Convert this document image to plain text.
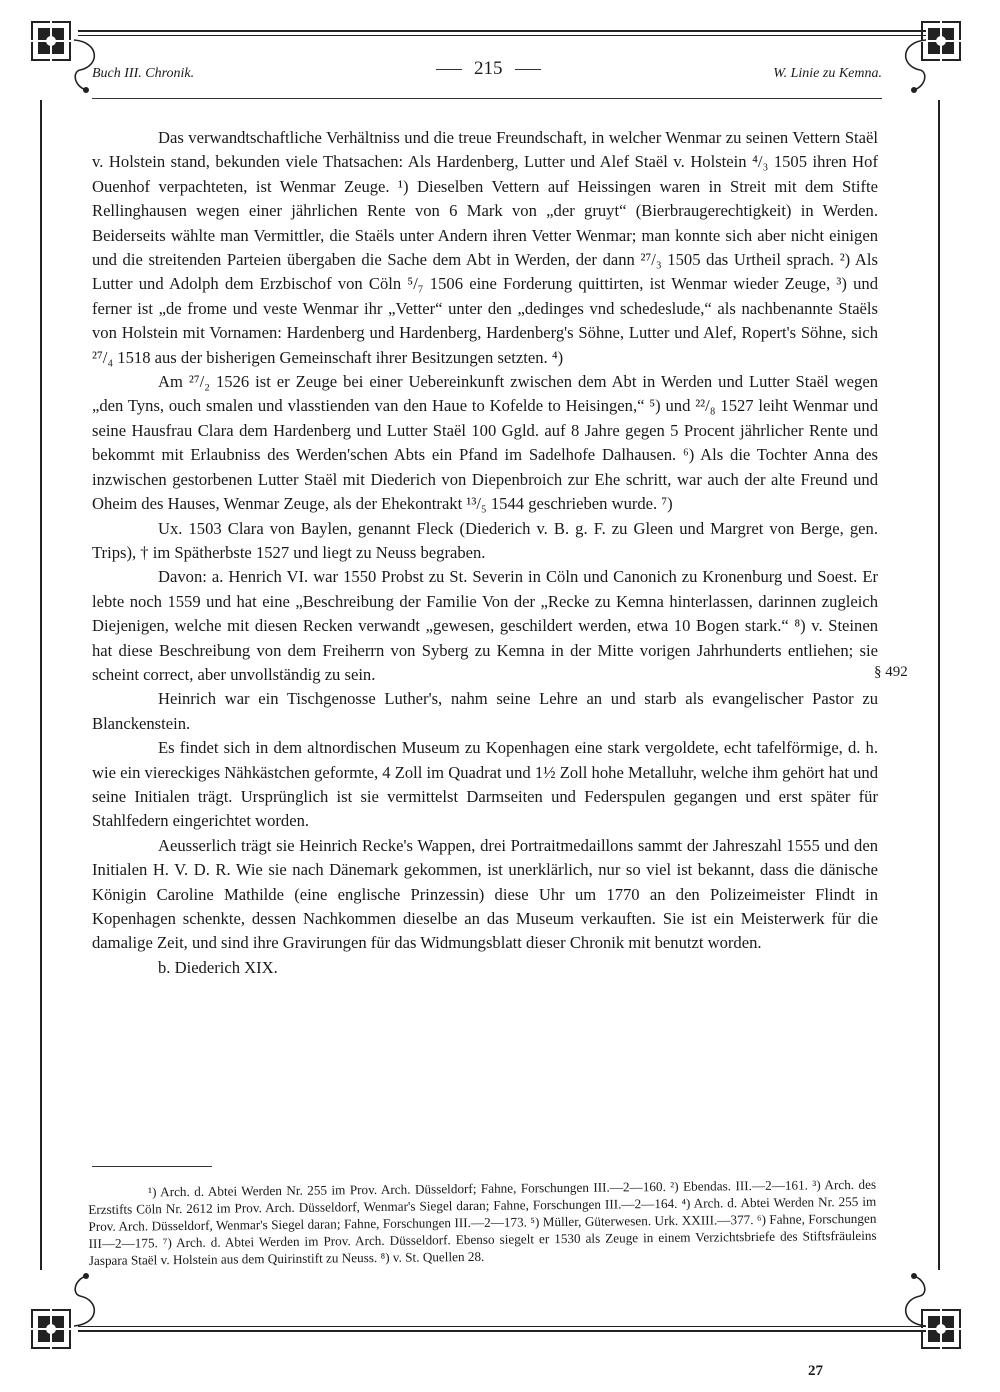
Buch III. Chronik.	215	W. Linie zu Kemna.

Das verwandtschaftliche Verhältniss und die treue Freundschaft, in welcher Wenmar zu seinen Vettern Staël v. Holstein stand, bekunden viele Thatsachen: Als Hardenberg, Lutter und Alef Staël v. Holstein ⁴/₃ 1505 ihren Hof Ouenhof verpachteten, ist Wenmar Zeuge. ¹) Dieselben Vettern auf Heissingen waren in Streit mit dem Stifte Rellinghausen wegen einer jährlichen Rente von 6 Mark von „der gruyt“ (Bierbraugerechtigkeit) in Werden. Beiderseits wählte man Vermittler, die Staëls unter Andern ihren Vetter Wenmar; man konnte sich aber nicht einigen und die streitenden Parteien übergaben die Sache dem Abt in Werden, der dann ²⁷/₃ 1505 das Urtheil sprach. ²) Als Lutter und Adolph dem Erzbischof von Cöln ⁵/₇ 1506 eine Forderung quittirten, ist Wenmar wieder Zeuge, ³) und ferner ist „de frome und veste Wenmar ihr „Vetter“ unter den „dedinges vnd schedeslude,“ als nachbenannte Staëls von Holstein mit Vornamen: Hardenberg und Hardenberg, Hardenberg's Söhne, Lutter und Alef, Ropert's Söhne, sich ²⁷/₄ 1518 aus der bisherigen Gemeinschaft ihrer Besitzungen setzten. ⁴)

Am ²⁷/₂ 1526 ist er Zeuge bei einer Uebereinkunft zwischen dem Abt in Werden und Lutter Staël wegen „den Tyns, ouch smalen und vlasstienden van den Haue to Kofelde to Heisingen,“ ⁵) und ²²/₈ 1527 leiht Wenmar und seine Hausfrau Clara dem Hardenberg und Lutter Staël 100 Ggld. auf 8 Jahre gegen 5 Procent jährlicher Rente und bekommt mit Erlaubniss des Werden'schen Abts ein Pfand im Sadelhofe Dalhausen. ⁶) Als die Tochter Anna des inzwischen gestorbenen Lutter Staël mit Diederich von Diepenbroich zur Ehe schritt, war auch der alte Freund und Oheim des Hauses, Wenmar Zeuge, als der Ehekontrakt ¹³/₅ 1544 geschrieben wurde. ⁷)

Ux. 1503 Clara von Baylen, genannt Fleck (Diederich v. B. g. F. zu Gleen und Margret von Berge, gen. Trips), † im Spätherbste 1527 und liegt zu Neuss begraben.

Davon: a. Henrich VI. war 1550 Probst zu St. Severin in Cöln und Canonich zu Kronenburg und Soest. Er lebte noch 1559 und hat eine „Beschreibung der Familie Von der „Recke zu Kemna hinterlassen, darinnen zugleich Diejenigen, welche mit diesen Recken verwandt „gewesen, geschildert werden, etwa 10 Bogen stark.“ ⁸) v. Steinen hat diese Beschreibung von dem Freiherrn von Syberg zu Kemna in der Mitte vorigen Jahrhunderts entliehen; sie scheint correct, aber unvollständig zu sein.

Heinrich war ein Tischgenosse Luther's, nahm seine Lehre an und starb als evangelischer Pastor zu Blanckenstein.

Es findet sich in dem altnordischen Museum zu Kopenhagen eine stark vergoldete, echt tafelförmige, d. h. wie ein viereckiges Nähkästchen geformte, 4 Zoll im Quadrat und 1½ Zoll hohe Metalluhr, welche ihm gehört hat und seine Initialen trägt. Ursprünglich ist sie vermittelst Darmseiten und Federspulen gegangen und erst später für Stahlfedern eingerichtet worden.

Aeusserlich trägt sie Heinrich Recke's Wappen, drei Portraitmedaillons sammt der Jahreszahl 1555 und den Initialen H. V. D. R. Wie sie nach Dänemark gekommen, ist unerklärlich, nur so viel ist bekannt, dass die dänische Königin Caroline Mathilde (eine englische Prinzessin) diese Uhr um 1770 an den Polizeimeister Flindt in Kopenhagen schenkte, dessen Nachkommen dieselbe an das Museum verkauften. Sie ist ein Meisterwerk für die damalige Zeit, und sind ihre Gravirungen für das Widmungsblatt dieser Chronik mit benutzt worden.

b. Diederich XIX.

§ 492

¹) Arch. d. Abtei Werden Nr. 255 im Prov. Arch. Düsseldorf; Fahne, Forschungen III.—2—160. ²) Ebendas. III.—2—161. ³) Arch. des Erzstifts Cöln Nr. 2612 im Prov. Arch. Düsseldorf, Wenmar's Siegel daran; Fahne, Forschungen III.—2—164. ⁴) Arch. d. Abtei Werden Nr. 255 im Prov. Arch. Düsseldorf, Wenmar's Siegel daran; Fahne, Forschungen III.—2—173. ⁵) Müller, Güterwesen. Urk. XXIII.—377. ⁶) Fahne, Forschungen III—2—175. ⁷) Arch. d. Abtei Werden im Prov. Arch. Düsseldorf. Ebenso siegelt er 1530 als Zeuge in einem Verzichtsbriefe des Stiftsfräuleins Jaspara Staël v. Holstein aus dem Quirinstift zu Neuss. ⁸) v. St. Quellen 28.

27
